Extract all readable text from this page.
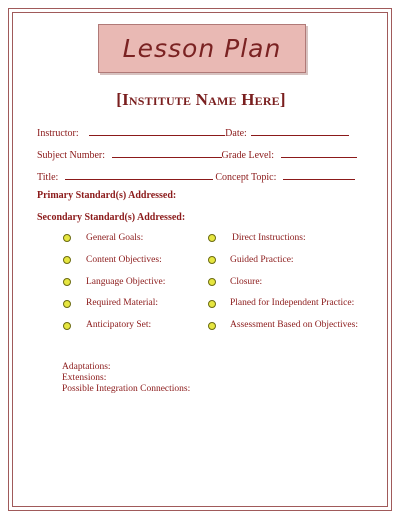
Lesson Plan
[Institute Name Here]
Instructor:	Date:
Subject Number:	Grade Level:
Title:	Concept Topic:
Primary Standard(s) Addressed:
Secondary Standard(s) Addressed:
General Goals:
Content Objectives:
Language Objective:
Required Material:
Anticipatory Set:
Direct Instructions:
Guided Practice:
Closure:
Planed for Independent Practice:
Assessment Based on Objectives:
Adaptations:
Extensions:
Possible Integration Connections:
